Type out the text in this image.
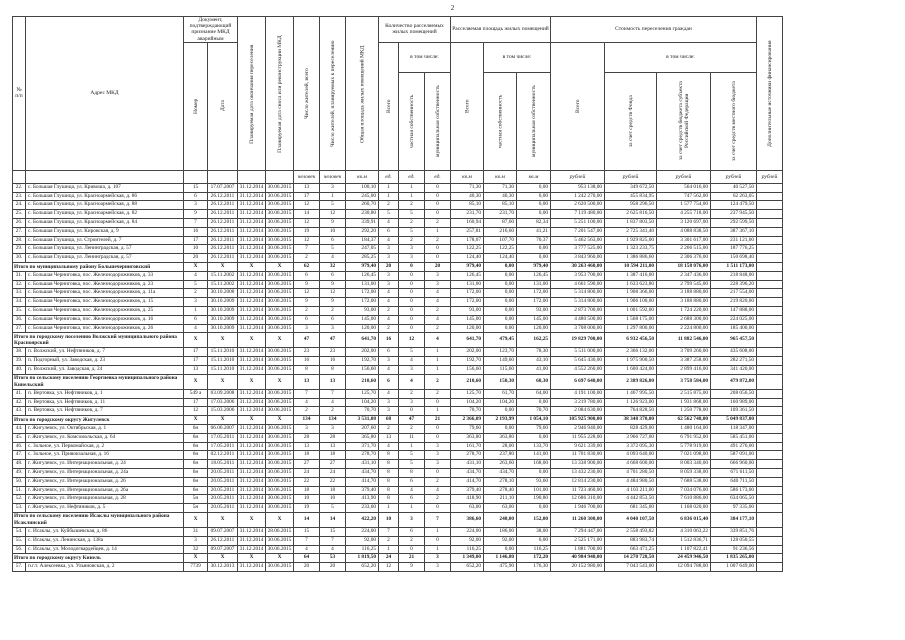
2
№ п/п	Адрес МКД	Документ, подтверждающий признание МКД аварийным		Планируемая дата окончания переселения	Планируемая дата сноса или реконструкции МКД	Число жителей, всего	Число жителей, планируемых к переселению	Общая площадь жилых помещений МКД	Количество расселяемых жилых помещений			Расселяемая площадь жилых помещений			Стоимость переселения граждан				Дополнительные источники финансирования
		Номер	Дата						Всего	в том числе:		Всего	в том числе:		Всего	в том числе:			
										частная собственность	муниципальная собственность		частная собственность	муниципальная собственность		за счет средств Фонда	за счет средств бюджета субъекта Российской Федерации	за счет средств местного бюджета	
						человек	человек	кв.м	ед.	ед.	ед.	кв.м	кв.м	кв.м	рублей	рублей	рублей	рублей	рублей
22.	с. Большая Глушица, ул. Кривоша, д. 107	15	17.07.2007	31.12.2014	30.06.2015	13	3	100,10	1	1	0	71,30	71,30	0,00	953 138,00	349 672,50	564 016,00	40 527,50	
23.	с. Большая Глушица, ул. Красноармейская, д. 86	6	26.12.2011	31.12.2014	30.06.2015	17	1	245,00	1	1	0	40,30	40,30	0,00	1 242 270,00	455 834,95	747 562,00	62 263,05	
24.	с. Большая Глушица, ул. Красноармейская, д. 88	3	26.12.2011	31.12.2014	30.06.2015	12	5	260,70	2	2	0	85,10	85,10	0,00	2 620 500,00	958 296,50	1 577 754,00	124 479,50	
25.	с. Большая Глушица, ул. Красноармейская, д. 82	9	26.12.2011	31.12.2014	30.06.2015	14	12	230,80	5	5	0	231,70	231,70	0,00	7 119 480,00	2 625 816,50	4 255 718,00	237 945,50	
26.	с. Большая Глушица, ул. Красноармейская, д. 84	7	26.12.2011	31.12.2014	30.06.2015	12	9	339,91	4	2	2	160,94	87,60	82,34	5 251 100,00	1 837 803,50	3 120 697,00	292 599,50	
27.	с. Большая Глушица, ул. Кировская, д. 9	16	26.12.2011	31.12.2014	30.06.2015	19	10	292,20	6	5	1	257,81	216,60	41,21	7 201 547,00	2 725 341,40	4 088 838,50	387 367,10	
28.	с. Большая Глушица, ул. Строителей, д. 7	17	26.12.2011	31.12.2014	30.06.2015	12	6	184,37	4	2	2	178,07	107,70	70,37	5 462 563,00	1 929 825,00	3 301 617,00	231 121,00	
29.	с. Большая Глушица, ул. Ленинградская, д. 57	10	26.12.2011	31.12.2014	30.06.2015	7	5	247,05	3	3	0	122,25	122,25	0,00	3 777 525,00	1 323 233,75	2 266 515,00	187 776,25	
30.	с. Большая Глушица, ул. Ленинградская, д. 57	20	26.12.2011	31.12.2014	30.06.2015	2	4	285,25	3	3	0	124,40	124,40	0,00	3 843 960,00	1 386 886,60	2 306 376,00	150 698,40	
Итого по муниципальному району Большечерниговский		X	X	X	X	62	32	979,40	20	0	20	979,40	0,00	979,40	30 263 460,00	10 594 211,00	18 158 076,00	1 511 173,00	
31.	с. Большая Черниговка, пос. Железнодорожников, д. 33	4	15.11.2002	31.12.2014	30.06.2015	6	6	126,45	3	0	3	126,45	0,00	126,45	3 953 700,00	1 387 416,00	2 347 436,00	218 848,00	
32.	с. Большая Черниговка, пос. Железнодорожников, д. 23	5	15.11.2002	31.12.2014	30.06.2015	9	9	131,00	3	0	3	131,00	0,00	131,00	4 661 590,00	1 633 623,80	2 799 545,00	228 396,20	
33.	с. Большая Черниговка, пос. Железнодорожников, д. 11а	2	30.10.2008	31.12.2014	30.06.2015	12	12	172,00	4	0	4	172,00	0,00	172,00	5 314 800,00	1 908 366,00	3 188 880,00	217 554,00	
34.	с. Большая Черниговка, пос. Железнодорожников, д. 15	3	30.10.2009	31.12.2014	30.06.2015	9	9	172,00	4	0	4	172,00	0,00	172,00	5 314 800,00	1 906 100,00	3 188 880,00	219 820,00	
35.	с. Большая Черниговка, пос. Железнодорожников, д. 25	1	30.10.2009	31.12.2014	30.06.2015	2	2	93,00	2	0	2	93,00	0,00	93,00	2 873 700,00	1 001 592,00	1 724 220,00	147 888,00	
36.	с. Большая Черниговка, пос. Железнодорожников, д. 16	6	30.10.2009	31.12.2014	30.06.2015	6	6	145,00	4	0	4	145,00	0,00	145,00	4 480 500,00	1 568 175,00	2 688 300,00	224 025,00	
37.	с. Большая Черниговка, пос. Железнодорожников, д. 26	4	30.10.2009	31.12.2014	30.06.2015	3	3	120,00	2	0	2	120,00	0,00	120,00	3 708 000,00	1 297 800,00	2 224 800,00	185 400,00	
Итого по городскому поселению Волжский муниципального района Красноярский		X	X	X	X	47	47	641,70	16	12	4	641,70	479,45	162,25	19 829 700,00	6 932 456,50	11 882 546,00	965 457,50	
38.	п. Волжский, ул. Нефтяников, д. 7	17	15.11.2010	31.12.2014	30.06.2015	23	23	202,00	6	5	1	202,00	123,70	78,30	5 511 000,00	2 366 132,00	3 709 260,00	435 608,00	
39.	п. Подгорный, ул. Заводская, д. 23	17	15.11.2010	31.12.2014	30.06.2015	16	16	192,70	3	4	1	192,70	149,60	43,10	5 645 430,00	1 975 900,50	3 387 258,00	282 271,50	
40.	п. Волжский, ул. Заводская, д. 24	13	15.11.2010	31.12.2014	30.06.2015	8	8	156,60	4	3	1	156,60	115,60	41,00	4 552 260,00	1 600 424,00	2 899 416,00	341 420,00	
Итого по сельскому поселению Георгиевка муниципального района Кинельский		X	X	X	X	13	13	210,60	6	4	2	210,60	150,30	60,30	6 697 640,00	2 389 826,00	3 758 584,00	479 872,00	
41.	п. Вертовка, ул. Нефтяников, д. 1	549 а	03.09.2008	31.12.2014	30.06.2015	7	7	125,70	4	2	2	125,70	61,70	64,00	4 191 100,00	1 467 995,50	2 515 875,00	208 056,50	
42.	п. Вертовка, ул. Нефтяников, д. 11	17	17.03.2006	31.12.2014	30.06.2015	4	4	104,20	3	3	0	104,20	104,20	0,00	3 219 780,00	1 126 923,00	1 931 868,00	160 989,00	
43.	п. Вертовка, ул. Нефтяников, д. 7	12	15.03.2006	31.12.2014	30.06.2015	2	2	70,70	3	0	1	70,70	0,00	70,70	2 084 630,00	764 828,50	1 250 778,00	109 361,50	
Итого по городскому округу Жигулевск		X	X	X	X	134	134	3 531,08	68	47	21	2 366,09	2 193,99	1 054,10	105 925 900,00	38 348 370,00	62 562 748,00	5 049 837,00	
44.	г. Жигулевск, ул. Октябрьская, д. 1	6н	06.06.2007	31.12.2014	30.06.2015	3	3	207,60	2	2	0	79,60	0,00	79,60	2 946 940,00	828 429,00	1 480 164,00	118 347,00	
45.	г. Жигулевск, ул. Комсомольская, д. 64	6н	17.05.2011	31.12.2014	30.06.2015	28	28	365,80	13	11	0	363,80	363,80	0,00	11 955 228,00	3 966 727,00	6 791 952,00	585 451,00	
46.	с. Зольное, ул. Первомайская, д. 2	6н	17.05.2011	31.12.2014	30.06.2015	13	13	371,70	4	1	3	161,70	28,00	133,70	9 621 339,00	3 372 095,30	5 778 919,00	491 276,00	
47.	с. Зольное, ул. Привокзальная, д. 16	6н	02.12.2011	31.12.2014	30.06.2015	18	18	278,70	8	5	3	278,70	237,80	141,00	11 701 830,00	4 093 640,00	7 021 098,00	587 091,00	
48.	г. Жигулевск, ул. Интернациональная, д. 24	6н	18.05.2011	31.12.2014	30.06.2015	27	27	431,10	8	5	3	431,10	263,60	168,00	13 338 900,00	4 668 600,00	8 003 340,00	666 960,00	
49.	г. Жигулевск, ул. Интернациональная, д. 24а	6н	20.05.2011	31.12.2014	30.06.2015	24	24	434,70	8	8	0	434,70	434,70	0,00	13 432 230,00	4 701 280,50	8 059 338,00	671 611,50	
50.	г. Жигулевск, ул. Интернациональная, д. 26	6н	20.05.2011	31.12.2014	30.06.2015	22	22	414,70	8	6	2	414,70	278,10	93,60	12 814 230,00	4 484 980,50	7 688 538,00	640 711,50	
51.	г. Жигулевск, ул. Интернациональная, д. 26а	6н	20.05.2011	31.12.2014	30.06.2015	18	18	379,40	8	4	4	379,40	278,40	101,00	11 723 460,00	4 103 211,00	7 034 076,00	586 173,00	
52.	г. Жигулевск, ул. Интернациональная, д. 28	5н	20.05.2011	31.12.2014	30.06.2015	10	10	413,90	8	6	2	418,90	211,10	190,80	12 686 310,00	4 442 853,50	7 610 886,00	634 065,50	
53.	г. Жигулевск, ул. Нефтяников, д. 5	5н	20.05.2011	31.12.2014	30.06.2015	19	5	233,60	1	1	0	63,00	63,00	0,00	1 946 700,00	681 345,00	1 168 020,00	97 335,00	
Итого по сельскому поселению Исаклы муниципального района Исаклинский		X	X	X	X	14	14	422,20	10	3	7	386,60	240,00	152,00	11 260 300,00	4 040 107,50	6 836 015,40	384 177,10	
54.	с. Исаклы, ул. Куйбышевская, д. 86	31	09.07.2007	31.12.2014	28.06.2015	15	15	224,00	7	6	1	224,00	186,00	38,00	7 294 447,00	2 558 493,82	4 310 063,22	339 851,76	
55.	с. Исаклы, ул. Ленинская, д. 138а	3	26.12.2011	31.12.2014	30.06.2015	7	7	92,00	2	2	0	92,00	92,00	0,00	2 525 171,00	883 983,74	1 512 836,71	128 050,55	
56.	с. Исаклы, ул. Молодогвардейцев, д. 14	32	09.07.2007	31.12.2014	30.06.2015	4	4	116,25	1	0	1	116,25	0,00	116,25	1 881 700,00	663 471,25	1 107 822,41	91 236,56	
Итого по городскому округу Кинель		X	X	X	X	64	53	1 819,50	24	21	3	1 349,00	1 146,80	172,20	40 984 940,00	14 270 728,50	24 459 946,50	1 835 265,00	
57.	п.г.т. Алексеевка, ул. Ульяновская, д. 2	7739	30.12.2013	31.12.2014	30.06.2015	20	20	652,20	12	9	3	652,20	475,90	176,30	20 152 980,00	7 043 543,00	12 094 788,00	1 007 649,00	
